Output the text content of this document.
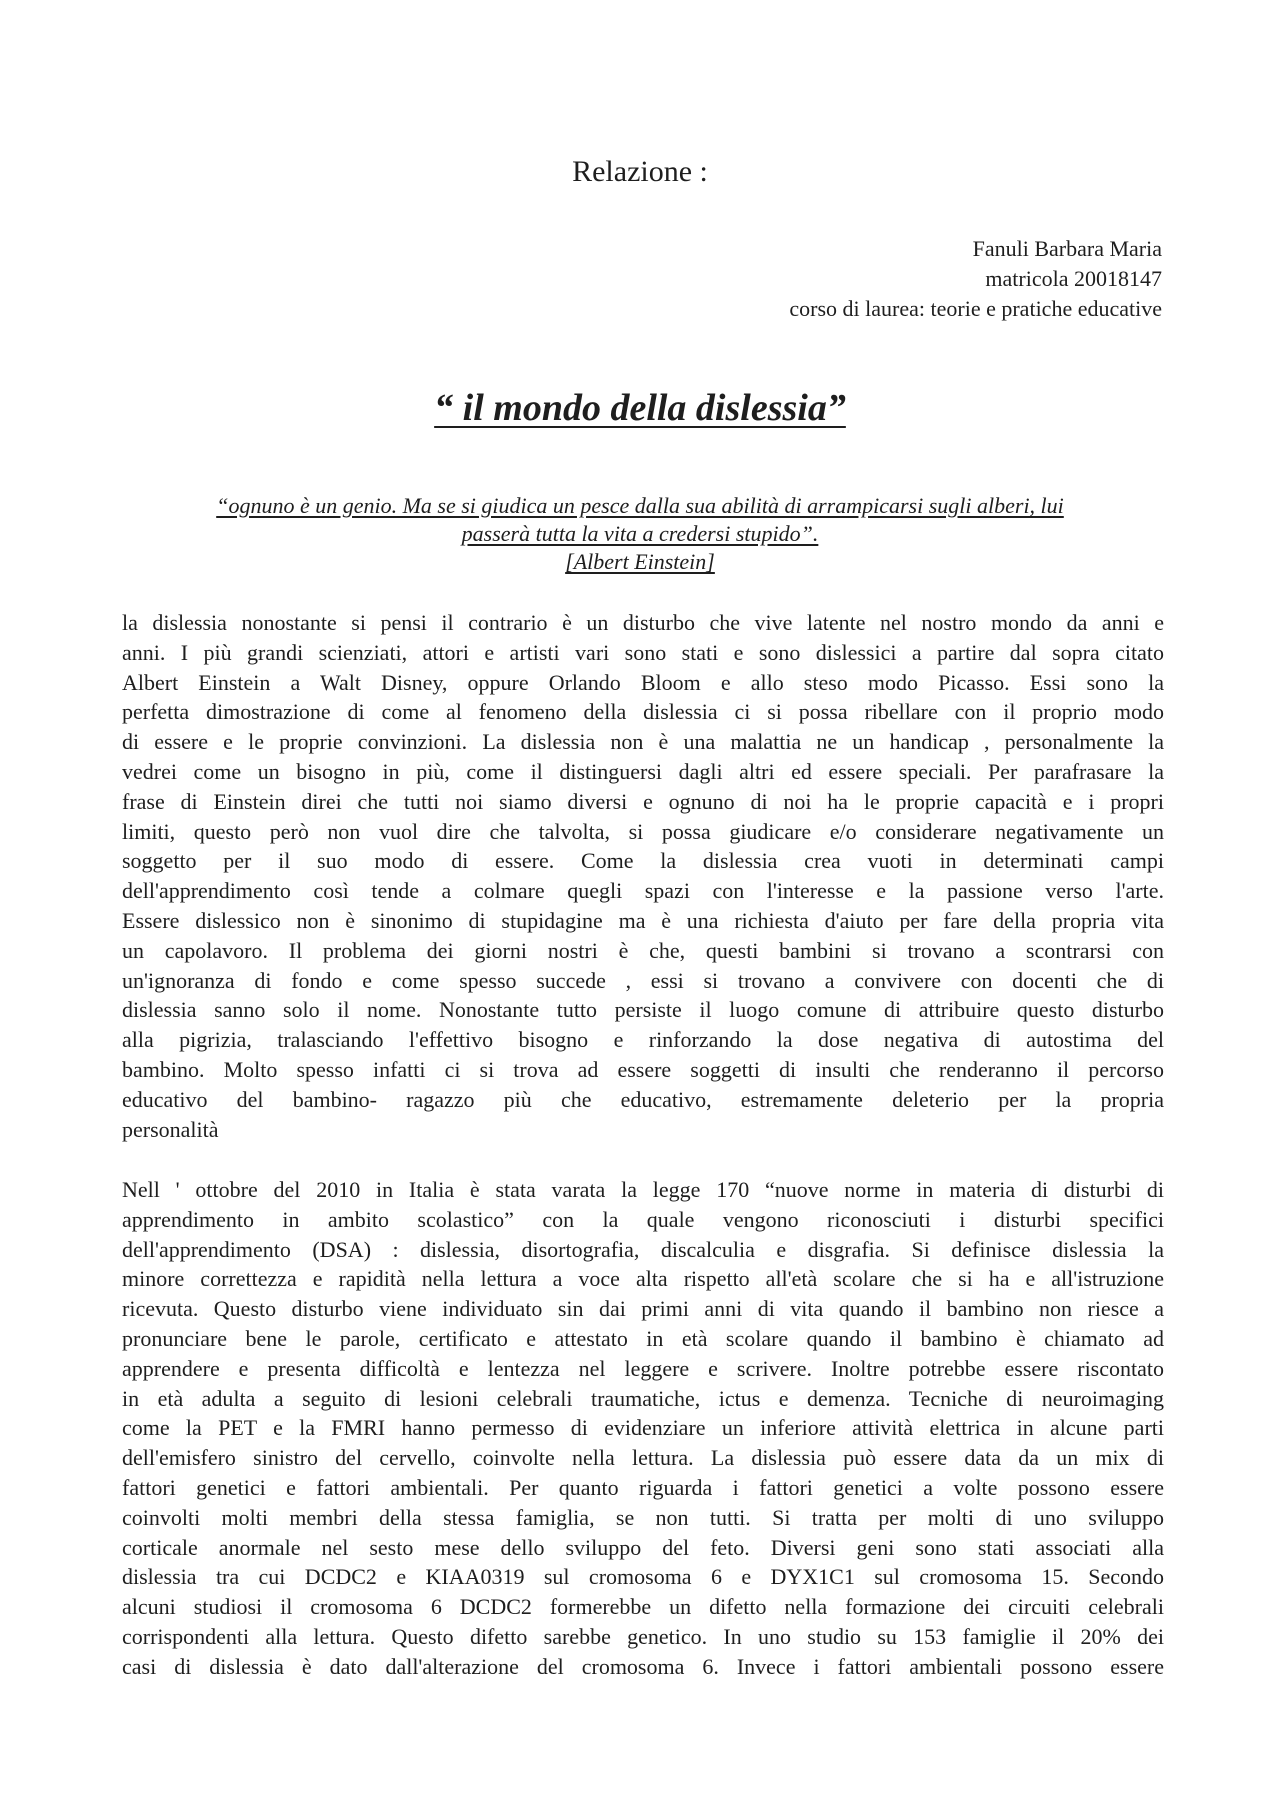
Relazione :
Fanuli Barbara Maria
matricola 20018147
corso di laurea: teorie e pratiche educative
“ il mondo della dislessia”
“ognuno è un genio. Ma se si giudica un pesce dalla sua abilità di arrampicarsi sugli alberi, lui
passerà tutta la vita a credersi stupido”.
[Albert Einstein]
la dislessia nonostante si pensi il contrario è un disturbo che vive latente nel nostro mondo da anni e
anni. I più grandi scienziati, attori e artisti vari sono stati e sono dislessici a partire dal sopra citato
Albert Einstein a Walt Disney, oppure Orlando Bloom e allo steso modo Picasso. Essi sono la
perfetta dimostrazione di come al fenomeno della dislessia ci si possa ribellare con il proprio modo
di essere e le proprie convinzioni. La dislessia non è una malattia ne un handicap , personalmente la
vedrei come un bisogno in più, come il distinguersi dagli altri ed essere speciali. Per parafrasare la
frase di Einstein direi che tutti noi siamo diversi e ognuno di noi ha le proprie capacità e i propri
limiti, questo però non vuol dire che talvolta, si possa giudicare e/o considerare negativamente un
soggetto per il suo modo di essere. Come la dislessia crea vuoti in determinati campi
dell'apprendimento così tende a colmare quegli spazi con l'interesse e la passione verso l'arte.
Essere dislessico non è sinonimo di stupidagine ma è una richiesta d'aiuto per fare della propria vita
un capolavoro. Il problema dei giorni nostri è che, questi bambini si trovano a scontrarsi con
un'ignoranza di fondo e come spesso succede , essi si trovano a convivere con docenti che di
dislessia sanno solo il nome. Nonostante tutto persiste il luogo comune di attribuire questo disturbo
alla pigrizia, tralasciando l'effettivo bisogno e rinforzando la dose negativa di autostima del
bambino. Molto spesso infatti ci si trova ad essere soggetti di insulti che renderanno il percorso
educativo del bambino- ragazzo più che educativo, estremamente deleterio per la propria
personalità
Nell ' ottobre del 2010 in Italia è stata varata la legge 170 “nuove norme in materia di disturbi di
apprendimento in ambito scolastico” con la quale vengono riconosciuti i disturbi specifici
dell'apprendimento (DSA) : dislessia, disortografia, discalculia e disgrafia. Si definisce dislessia la
minore correttezza e rapidità nella lettura a voce alta rispetto all'età scolare che si ha e all'istruzione
ricevuta. Questo disturbo viene individuato sin dai primi anni di vita quando il bambino non riesce a
pronunciare bene le parole, certificato e attestato in età scolare quando il bambino è chiamato ad
apprendere e presenta difficoltà e lentezza nel leggere e scrivere. Inoltre potrebbe essere riscontato
in età adulta a seguito di lesioni celebrali traumatiche, ictus e demenza. Tecniche di neuroimaging
come la PET e la FMRI hanno permesso di evidenziare un inferiore attività elettrica in alcune parti
dell'emisfero sinistro del cervello, coinvolte nella lettura. La dislessia può essere data da un mix di
fattori genetici e fattori ambientali. Per quanto riguarda i fattori genetici a volte possono essere
coinvolti molti membri della stessa famiglia, se non tutti. Si tratta per molti di uno sviluppo
corticale anormale nel sesto mese dello sviluppo del feto. Diversi geni sono stati associati alla
dislessia tra cui DCDC2 e KIAA0319 sul cromosoma 6 e DYX1C1 sul cromosoma 15. Secondo
alcuni studiosi il cromosoma 6 DCDC2 formerebbe un difetto nella formazione dei circuiti celebrali
corrispondenti alla lettura. Questo difetto sarebbe genetico. In uno studio su 153 famiglie il 20% dei
casi di dislessia è dato dall'alterazione del cromosoma 6. Invece i fattori ambientali possono essere
